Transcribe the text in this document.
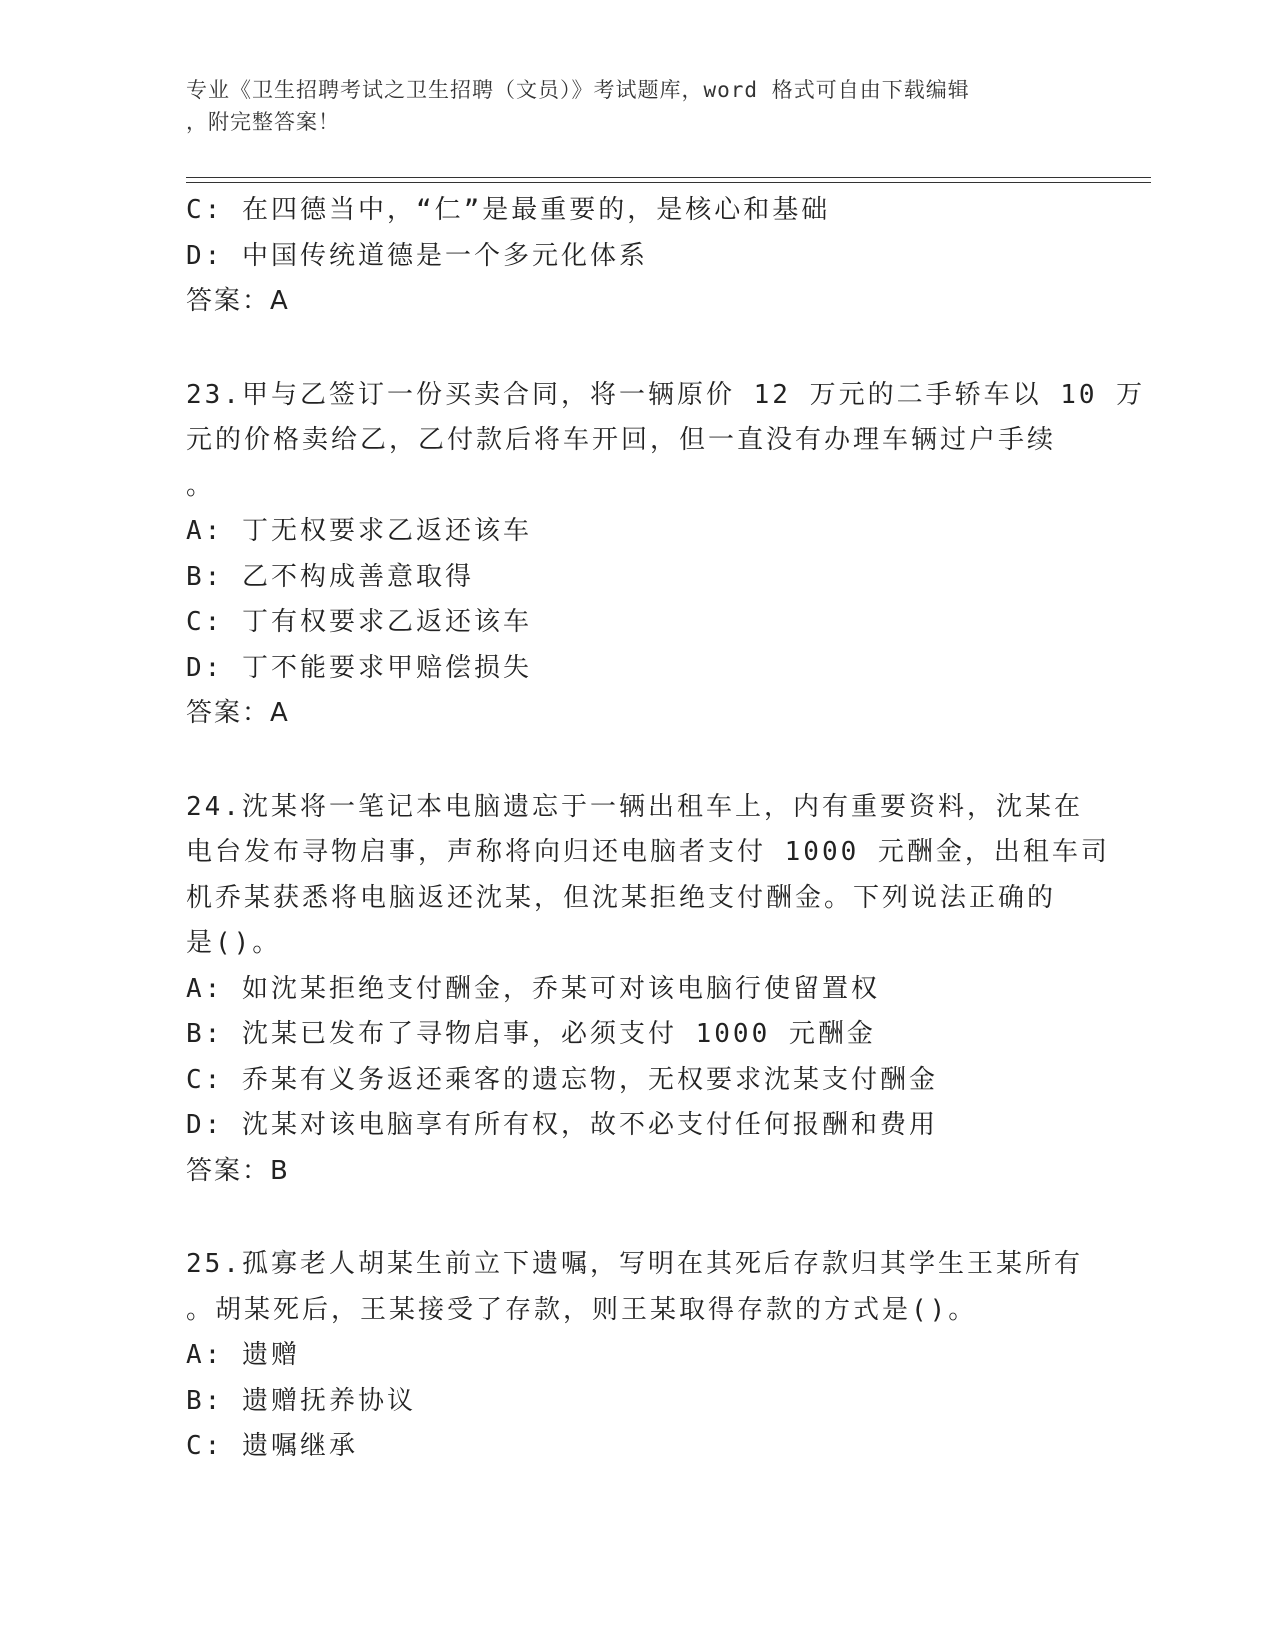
专业《卫生招聘考试之卫生招聘（文员）》考试题库，word 格式可自由下载编辑
，附完整答案！
C: 在四德当中，“仁”是最重要的，是核心和基础
D: 中国传统道德是一个多元化体系
答案：A
23.甲与乙签订一份买卖合同，将一辆原价 12 万元的二手轿车以 10 万
元的价格卖给乙，乙付款后将车开回，但一直没有办理车辆过户手续
。
A: 丁无权要求乙返还该车
B: 乙不构成善意取得
C: 丁有权要求乙返还该车
D: 丁不能要求甲赔偿损失
答案：A
24.沈某将一笔记本电脑遗忘于一辆出租车上，内有重要资料，沈某在
电台发布寻物启事，声称将向归还电脑者支付 1000 元酬金，出租车司
机乔某获悉将电脑返还沈某，但沈某拒绝支付酬金。下列说法正确的
是()。
A: 如沈某拒绝支付酬金，乔某可对该电脑行使留置权
B: 沈某已发布了寻物启事，必须支付 1000 元酬金
C: 乔某有义务返还乘客的遗忘物，无权要求沈某支付酬金
D: 沈某对该电脑享有所有权，故不必支付任何报酬和费用
答案：B
25.孤寡老人胡某生前立下遗嘱，写明在其死后存款归其学生王某所有
。胡某死后，王某接受了存款，则王某取得存款的方式是()。
A: 遗赠
B: 遗赠抚养协议
C: 遗嘱继承
